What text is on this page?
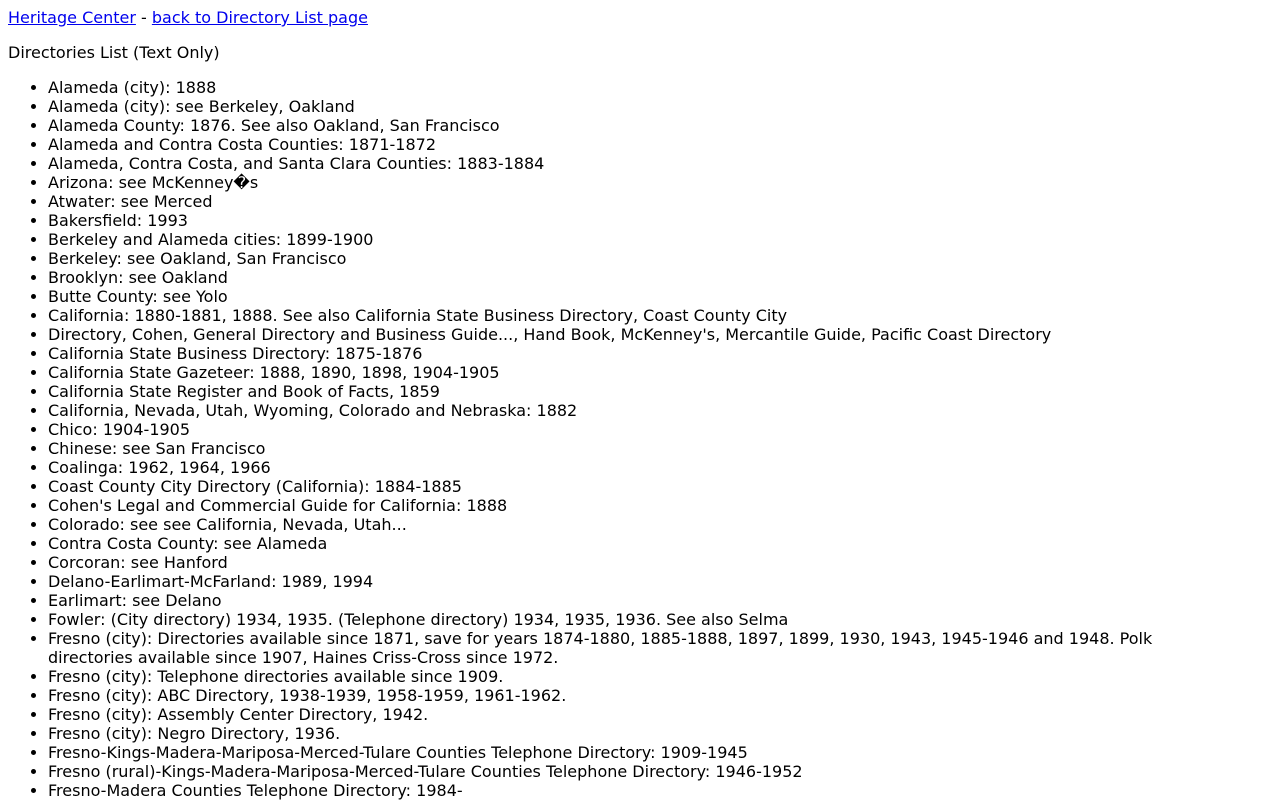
Heritage Center - back to Directory List page

Directories List (Text Only)

• Alameda (city): 1888
• Alameda (city): see Berkeley, Oakland
• Alameda County: 1876. See also Oakland, San Francisco
• Alameda and Contra Costa Counties: 1871-1872
• Alameda, Contra Costa, and Santa Clara Counties: 1883-1884
• Arizona: see McKenney�s
• Atwater: see Merced
• Bakersfield: 1993
• Berkeley and Alameda cities: 1899-1900
• Berkeley: see Oakland, San Francisco
• Brooklyn: see Oakland
• Butte County: see Yolo
• California: 1880-1881, 1888. See also California State Business Directory, Coast County City
• Directory, Cohen, General Directory and Business Guide..., Hand Book, McKenney's, Mercantile Guide, Pacific Coast Directory
• California State Business Directory: 1875-1876
• California State Gazeteer: 1888, 1890, 1898, 1904-1905
• California State Register and Book of Facts, 1859
• California, Nevada, Utah, Wyoming, Colorado and Nebraska: 1882
• Chico: 1904-1905
• Chinese: see San Francisco
• Coalinga: 1962, 1964, 1966
• Coast County City Directory (California): 1884-1885
• Cohen's Legal and Commercial Guide for California: 1888
• Colorado: see see California, Nevada, Utah...
• Contra Costa County: see Alameda
• Corcoran: see Hanford
• Delano-Earlimart-McFarland: 1989, 1994
• Earlimart: see Delano
• Fowler: (City directory) 1934, 1935. (Telephone directory) 1934, 1935, 1936. See also Selma
• Fresno (city): Directories available since 1871, save for years 1874-1880, 1885-1888, 1897, 1899, 1930, 1943, 1945-1946 and 1948. Polk directories available since 1907, Haines Criss-Cross since 1972.
• Fresno (city): Telephone directories available since 1909.
• Fresno (city): ABC Directory, 1938-1939, 1958-1959, 1961-1962.
• Fresno (city): Assembly Center Directory, 1942.
• Fresno (city): Negro Directory, 1936.
• Fresno-Kings-Madera-Mariposa-Merced-Tulare Counties Telephone Directory: 1909-1945
• Fresno (rural)-Kings-Madera-Mariposa-Merced-Tulare Counties Telephone Directory: 1946-1952
• Fresno-Madera Counties Telephone Directory: 1984-
